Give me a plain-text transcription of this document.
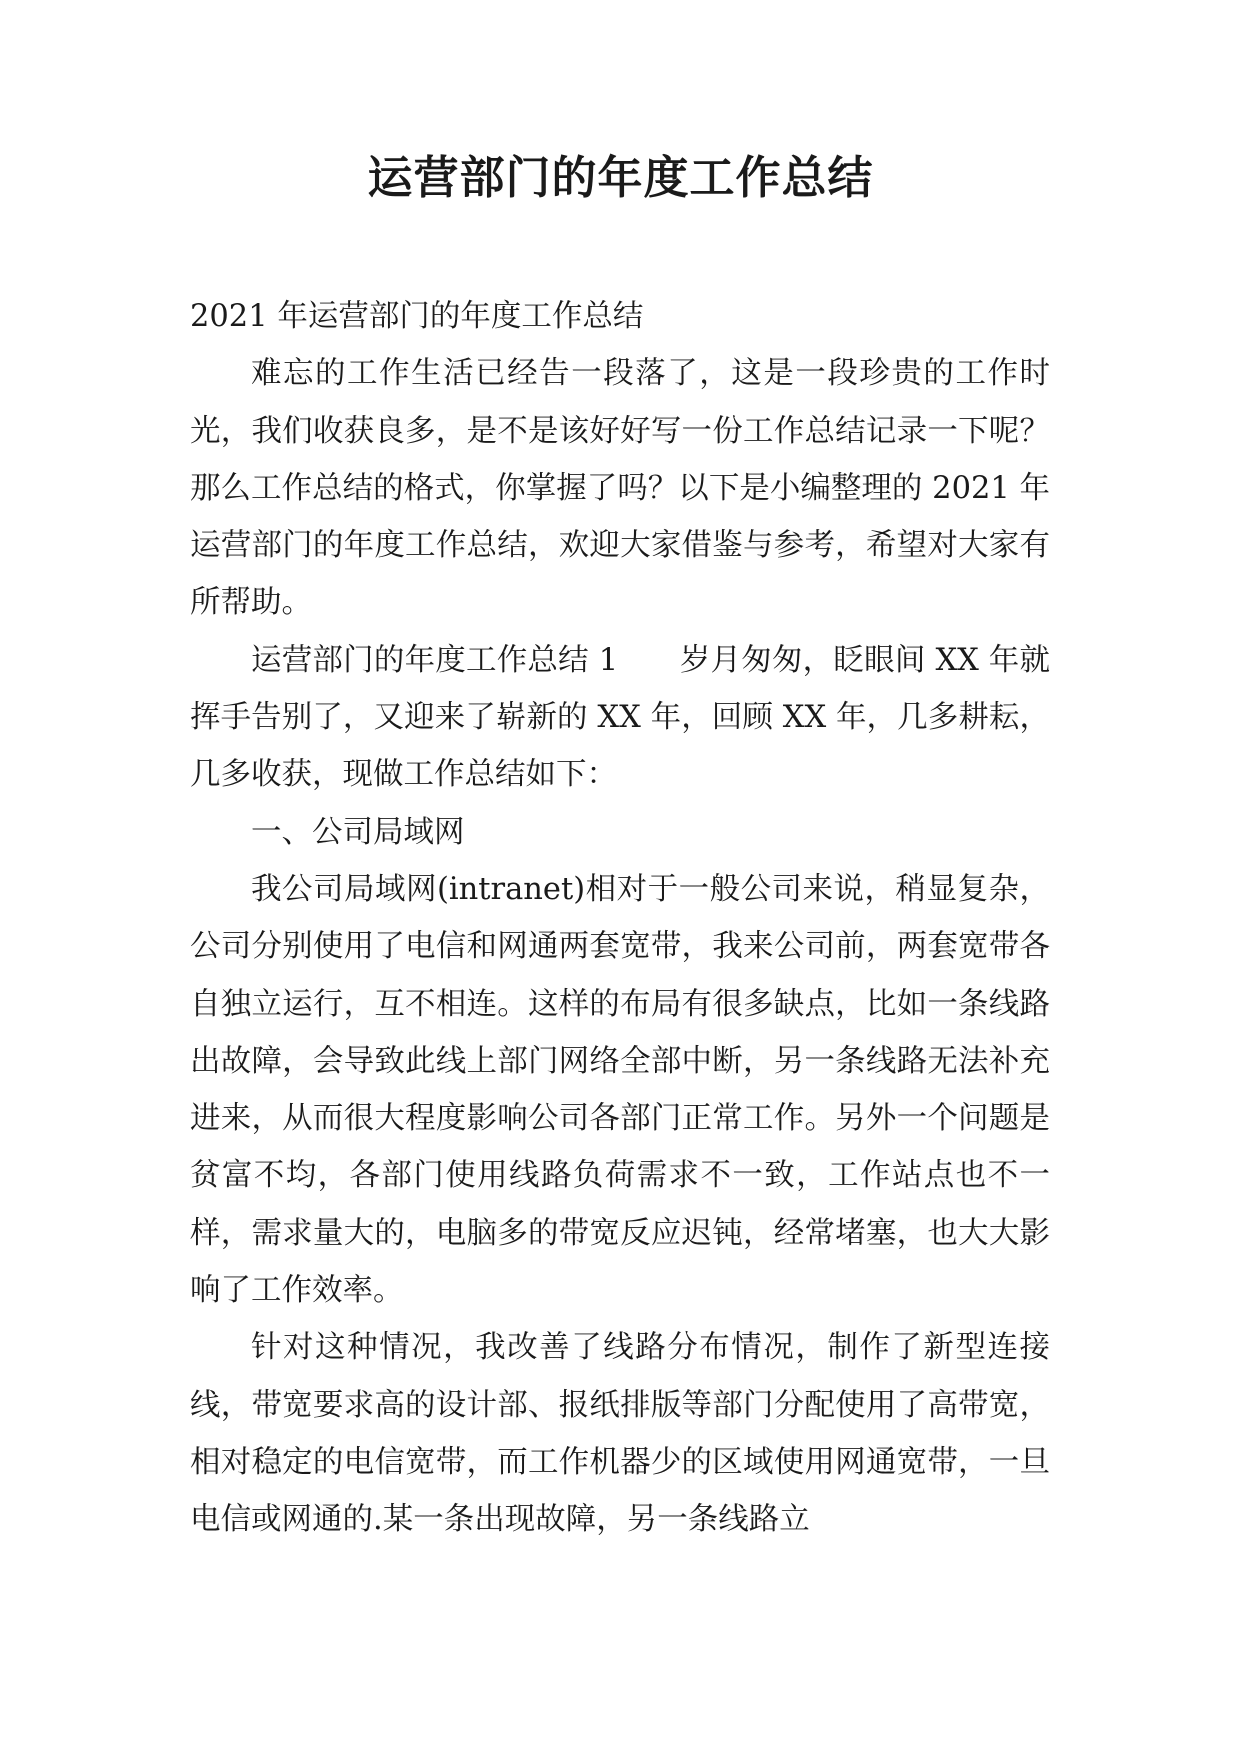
运营部门的年度工作总结

2021 年运营部门的年度工作总结

难忘的工作生活已经告一段落了，这是一段珍贵的工作时光，我们收获良多，是不是该好好写一份工作总结记录一下呢？那么工作总结的格式，你掌握了吗？以下是小编整理的 2021 年运营部门的年度工作总结，欢迎大家借鉴与参考，希望对大家有所帮助。

运营部门的年度工作总结 1　　岁月匆匆，眨眼间 XX 年就挥手告别了，又迎来了崭新的 XX 年，回顾 XX 年，几多耕耘，几多收获，现做工作总结如下：

一、公司局域网

我公司局域网(intranet)相对于一般公司来说，稍显复杂，公司分别使用了电信和网通两套宽带，我来公司前，两套宽带各自独立运行，互不相连。这样的布局有很多缺点，比如一条线路出故障，会导致此线上部门网络全部中断，另一条线路无法补充进来，从而很大程度影响公司各部门正常工作。另外一个问题是贫富不均，各部门使用线路负荷需求不一致，工作站点也不一样，需求量大的，电脑多的带宽反应迟钝，经常堵塞，也大大影响了工作效率。

针对这种情况，我改善了线路分布情况，制作了新型连接线，带宽要求高的设计部、报纸排版等部门分配使用了高带宽，相对稳定的电信宽带，而工作机器少的区域使用网通宽带，一旦电信或网通的.某一条出现故障，另一条线路立
